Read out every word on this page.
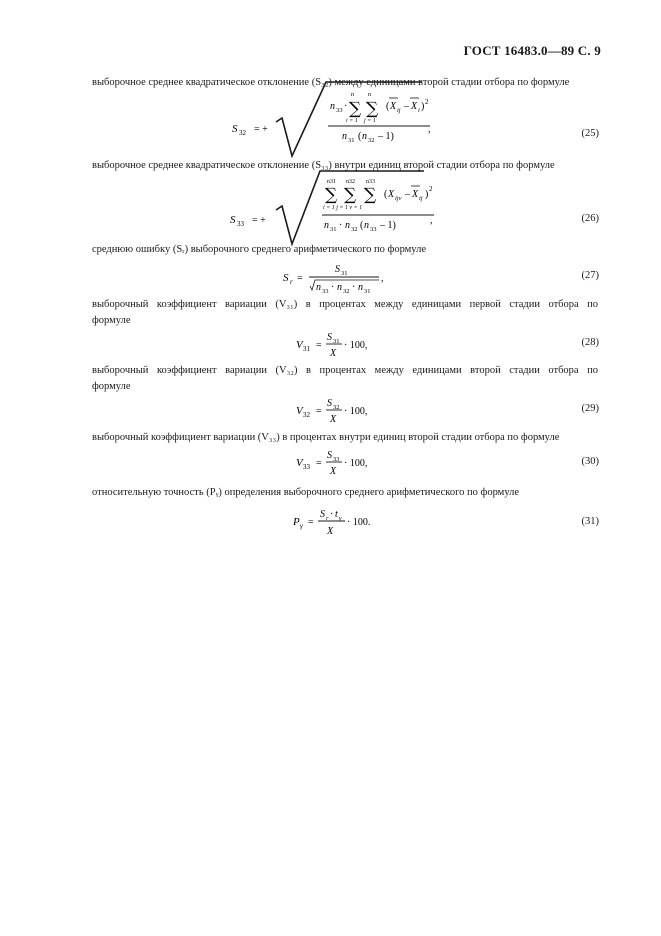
ГОСТ 16483.0—89 С. 9
выборочное среднее квадратическое отклонение (S₃₂) между единицами второй стадии отбора по формуле
S 32 = +
n 33 · ∑
n
i = 1
∑
n
j = 1
( X ij – X i ) 2
n 31 ( n 32 – 1)
,	(25)
выборочное среднее квадратическое отклонение (S₃₃) внутри единиц второй стадии отбора по формуле
S 33 = +
∑
n31
∑
n32
∑
n33
i = 1 j = 1 v = 1
( X ijv – X ij ) 2
n 31 · n 32 ( n 33 – 1)	,	(26)
среднюю ошибку (Sᵣ) выборочного среднего арифметического по формуле
S r =
S 31
n 33 · n 32 · n 31
,	(27)
выборочный коэффициент вариации (V₃₁) в процентах между единицами первой стадии отбора по
формуле
V 31 =
S 31
X
· 100,	(28)
выборочный коэффициент вариации (V₃₂) в процентах между единицами второй стадии отбора по
формуле
V 32 =
S 32
X
· 100,	(29)
выборочный коэффициент вариации (V₃₃) в процентах внутри единиц второй стадии отбора по формуле
V 33 =
S 33
X
· 100,	(30)
относительную точность (Pᵧ) определения выборочного среднего арифметического по формуле
P γ =
S r · t γ
X
· 100.	(31)
